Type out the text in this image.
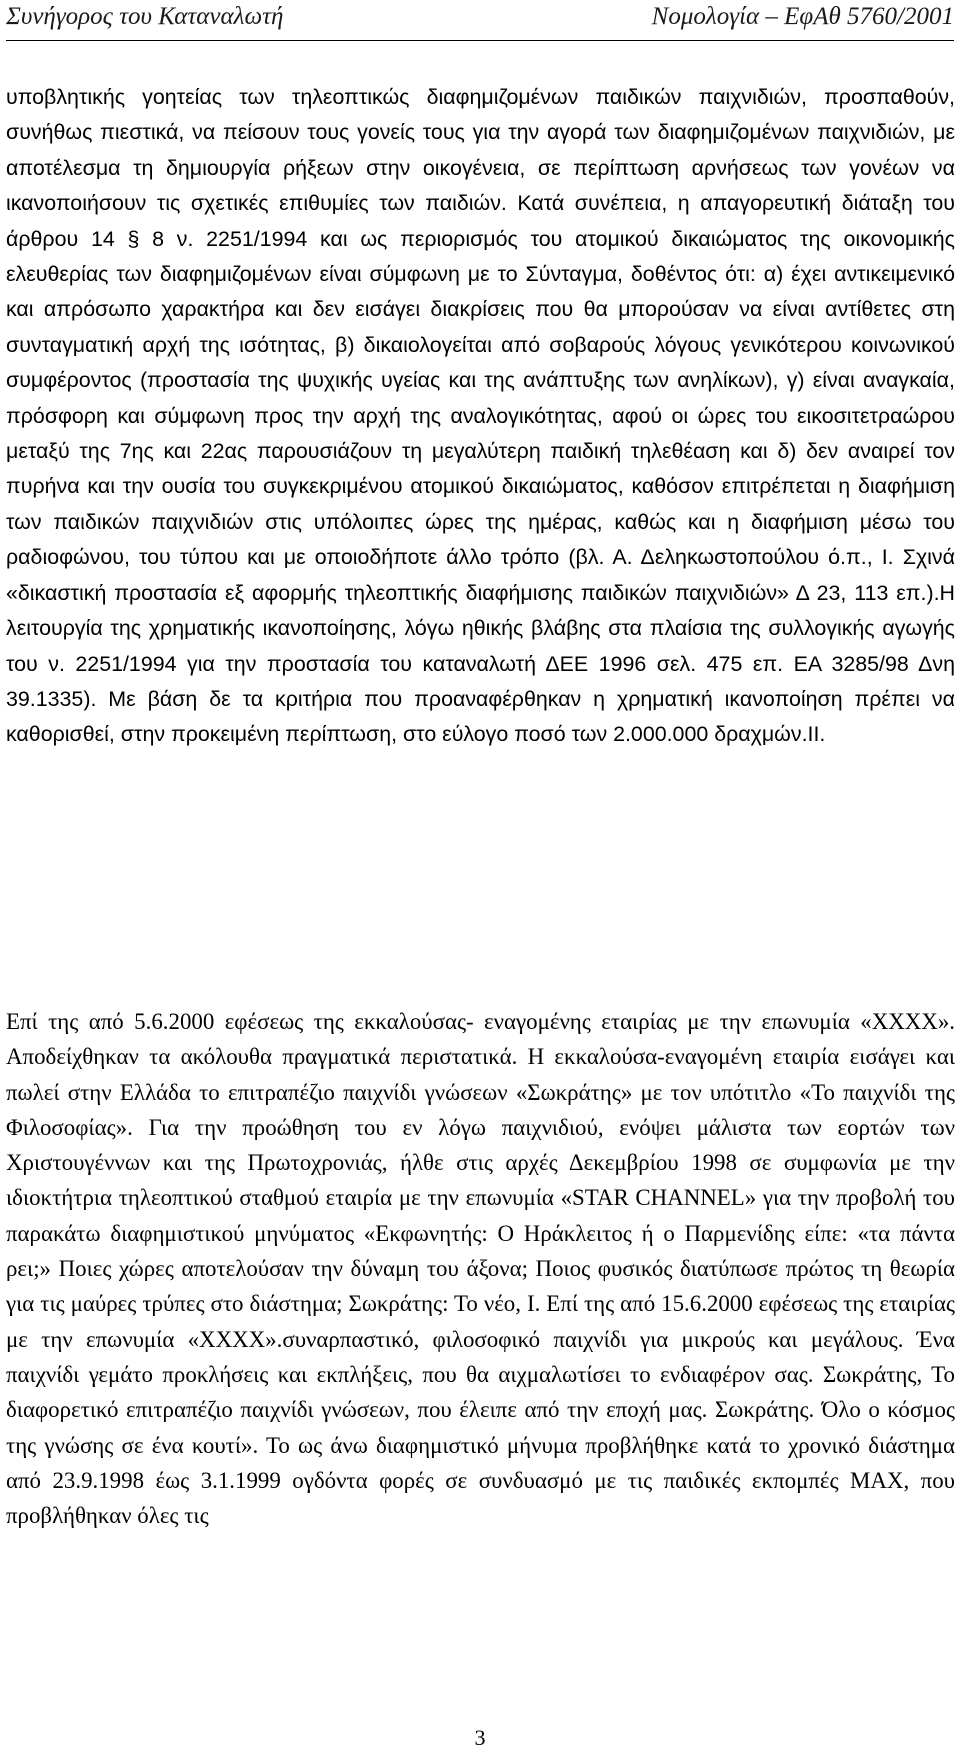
Συνήγορος του Καταναλωτή	Νομολογία – ΕφΑθ 5760/2001

υποβλητικής γοητείας των τηλεοπτικώς διαφημιζομένων παιδικών παιχνιδιών, προσπαθούν, συνήθως πιεστικά, να πείσουν τους γονείς τους για την αγορά των διαφημιζομένων παιχνιδιών, με αποτέλεσμα τη δημιουργία ρήξεων στην οικογένεια, σε περίπτωση αρνήσεως των γονέων να ικανοποιήσουν τις σχετικές επιθυμίες των παιδιών. Κατά συνέπεια, η απαγορευτική διάταξη του άρθρου 14 § 8 ν. 2251/1994 και ως περιορισμός του ατομικού δικαιώματος της οικονομικής ελευθερίας των διαφημιζομένων είναι σύμφωνη με το Σύνταγμα, δοθέντος ότι: α) έχει αντικειμενικό και απρόσωπο χαρακτήρα και δεν εισάγει διακρίσεις που θα μπορούσαν να είναι αντίθετες στη συνταγματική αρχή της ισότητας, β) δικαιολογείται από σοβαρούς λόγους γενικότερου κοινωνικού συμφέροντος (προστασία της ψυχικής υγείας και της ανάπτυξης των ανηλίκων), γ) είναι αναγκαία, πρόσφορη και σύμφωνη προς την αρχή της αναλογικότητας, αφού οι ώρες του εικοσιτετραώρου μεταξύ της 7ης και 22ας παρουσιάζουν τη μεγαλύτερη παιδική τηλεθέαση και δ) δεν αναιρεί τον πυρήνα και την ουσία του συγκεκριμένου ατομικού δικαιώματος, καθόσον επιτρέπεται η διαφήμιση των παιδικών παιχνιδιών στις υπόλοιπες ώρες της ημέρας, καθώς και η διαφήμιση μέσω του ραδιοφώνου, του τύπου και με οποιοδήποτε άλλο τρόπο (βλ. Α. Δεληκωστοπούλου ό.π., Ι. Σχινά «δικαστική προστασία εξ αφορμής τηλεοπτικής διαφήμισης παιδικών παιχνιδιών» Δ 23, 113 επ.).Η λειτουργία της χρηματικής ικανοποίησης, λόγω ηθικής βλάβης στα πλαίσια της συλλογικής αγωγής του ν. 2251/1994 για την προστασία του καταναλωτή ΔΕΕ 1996 σελ. 475 επ. ΕΑ 3285/98 Δνη 39.1335). Με βάση δε τα κριτήρια που προαναφέρθηκαν η χρηματική ικανοποίηση πρέπει να καθορισθεί, στην προκειμένη περίπτωση, στο εύλογο ποσό των 2.000.000 δραχμών.ΙΙ.

Επί της από 5.6.2000 εφέσεως της εκκαλούσας- εναγομένης εταιρίας με την επωνυμία «ΧΧΧΧ». Αποδείχθηκαν τα ακόλουθα πραγματικά περιστατικά. Η εκκαλούσα-εναγομένη εταιρία εισάγει και πωλεί στην Ελλάδα το επιτραπέζιο παιχνίδι γνώσεων «Σωκράτης» με τον υπότιτλο «Το παιχνίδι της Φιλοσοφίας». Για την προώθηση του εν λόγω παιχνιδιού, ενόψει μάλιστα των εορτών των Χριστουγέννων και της Πρωτοχρονιάς, ήλθε στις αρχές Δεκεμβρίου 1998 σε συμφωνία με την ιδιοκτήτρια τηλεοπτικού σταθμού εταιρία με την επωνυμία «STAR CHANNEL» για την προβολή του παρακάτω διαφημιστικού μηνύματος «Εκφωνητής: Ο Ηράκλειτος ή ο Παρμενίδης είπε: «τα πάντα ρει;» Ποιες χώρες αποτελούσαν την δύναμη του άξονα; Ποιος φυσικός διατύπωσε πρώτος τη θεωρία για τις μαύρες τρύπες στο διάστημα; Σωκράτης: Το νέο, Ι. Επί της από 15.6.2000 εφέσεως της εταιρίας με την επωνυμία «ΧΧΧΧ».συναρπαστικό, φιλοσοφικό παιχνίδι για μικρούς και μεγάλους. Ένα παιχνίδι γεμάτο προκλήσεις και εκπλήξεις, που θα αιχμαλωτίσει το ενδιαφέρον σας. Σωκράτης, Το διαφορετικό επιτραπέζιο παιχνίδι γνώσεων, που έλειπε από την εποχή μας. Σωκράτης. Όλο ο κόσμος της γνώσης σε ένα κουτί». Το ως άνω διαφημιστικό μήνυμα προβλήθηκε κατά το χρονικό διάστημα από 23.9.1998 έως 3.1.1999 ογδόντα φορές σε συνδυασμό με τις παιδικές εκπομπές ΜΑΧ, που προβλήθηκαν όλες τις

3
